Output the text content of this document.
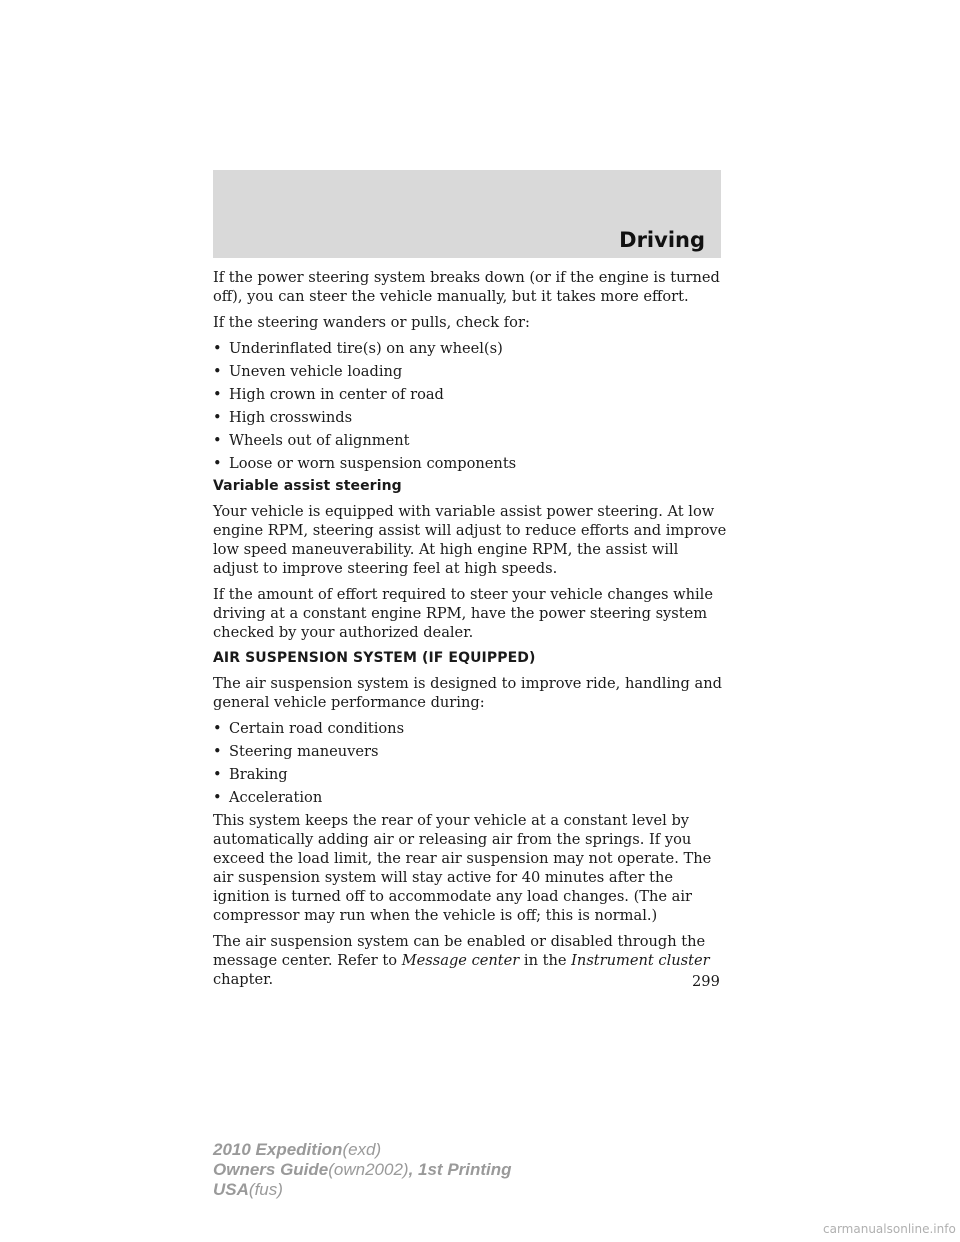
Driving

If the power steering system breaks down (or if the engine is turned off), you can steer the vehicle manually, but it takes more effort.

If the steering wanders or pulls, check for:

• Underinflated tire(s) on any wheel(s)
• Uneven vehicle loading
• High crown in center of road
• High crosswinds
• Wheels out of alignment
• Loose or worn suspension components
Variable assist steering

Your vehicle is equipped with variable assist power steering. At low engine RPM, steering assist will adjust to reduce efforts and improve low speed maneuverability. At high engine RPM, the assist will adjust to improve steering feel at high speeds.

If the amount of effort required to steer your vehicle changes while driving at a constant engine RPM, have the power steering system checked by your authorized dealer.

AIR SUSPENSION SYSTEM (IF EQUIPPED)

The air suspension system is designed to improve ride, handling and general vehicle performance during:

• Certain road conditions
• Steering maneuvers
• Braking
• Acceleration

This system keeps the rear of your vehicle at a constant level by automatically adding air or releasing air from the springs. If you exceed the load limit, the rear air suspension may not operate. The air suspension system will stay active for 40 minutes after the ignition is turned off to accommodate any load changes. (The air compressor may run when the vehicle is off; this is normal.)

The air suspension system can be enabled or disabled through the message center. Refer to Message center in the Instrument cluster chapter.	299
2010 Expedition(exd)
Owners Guide(own2002), 1st Printing
USA(fus)
carmanualsonline.info
